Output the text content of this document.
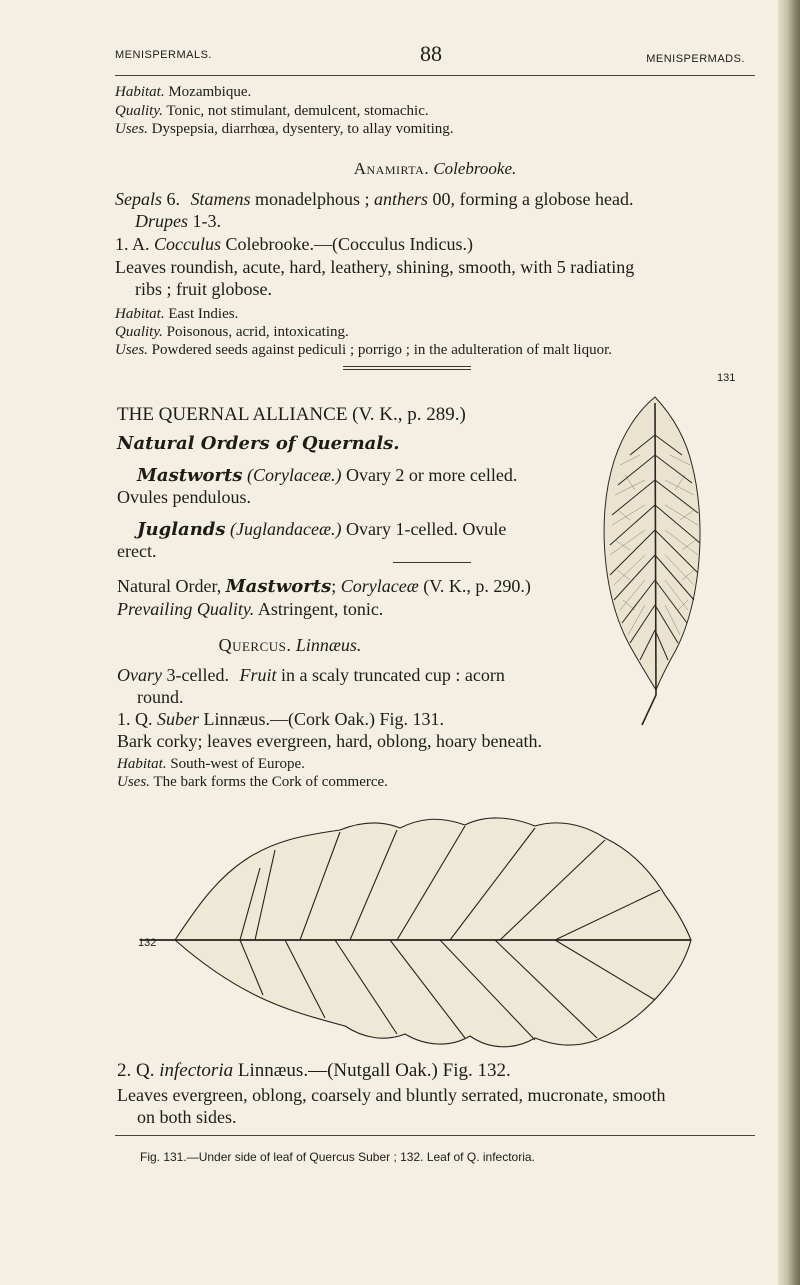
MENISPERMALS.	88	MENISPERMADS.
Habitat. Mozambique.
Quality. Tonic, not stimulant, demulcent, stomachic.
Uses. Dyspepsia, diarrhœa, dysentery, to allay vomiting.
Anamirta. Colebrooke.
Sepals 6. Stamens monadelphous ; anthers 00, forming a globose head.
Drupes 1-3.
1. A. Cocculus Colebrooke.—(Cocculus Indicus.)
Leaves roundish, acute, hard, leathery, shining, smooth, with 5 radiating
ribs ; fruit globose.
Habitat. East Indies.
Quality. Poisonous, acrid, intoxicating.
Uses. Powdered seeds against pediculi ; porrigo ; in the adulteration of malt liquor.
131
THE QUERNAL ALLIANCE (V. K., p. 289.)
Natural Orders of Quernals.
Mastworts (Corylaceæ.) Ovary 2 or more celled.
Ovules pendulous.
Juglands (Juglandaceæ.) Ovary 1-celled. Ovule
erect.
Natural Order, Mastworts; Corylaceæ (V. K., p. 290.)
Prevailing Quality. Astringent, tonic.
Quercus. Linnæus.
Ovary 3-celled. Fruit in a scaly truncated cup : acorn
round.
1. Q. Suber Linnæus.—(Cork Oak.) Fig. 131.
Bark corky; leaves evergreen, hard, oblong, hoary beneath.
Habitat. South-west of Europe.
Uses. The bark forms the Cork of commerce.
132
2. Q. infectoria Linnæus.—(Nutgall Oak.) Fig. 132.
Leaves evergreen, oblong, coarsely and bluntly serrated, mucronate, smooth
on both sides.
Fig. 131.—Under side of leaf of Quercus Suber ; 132. Leaf of Q. infectoria.
